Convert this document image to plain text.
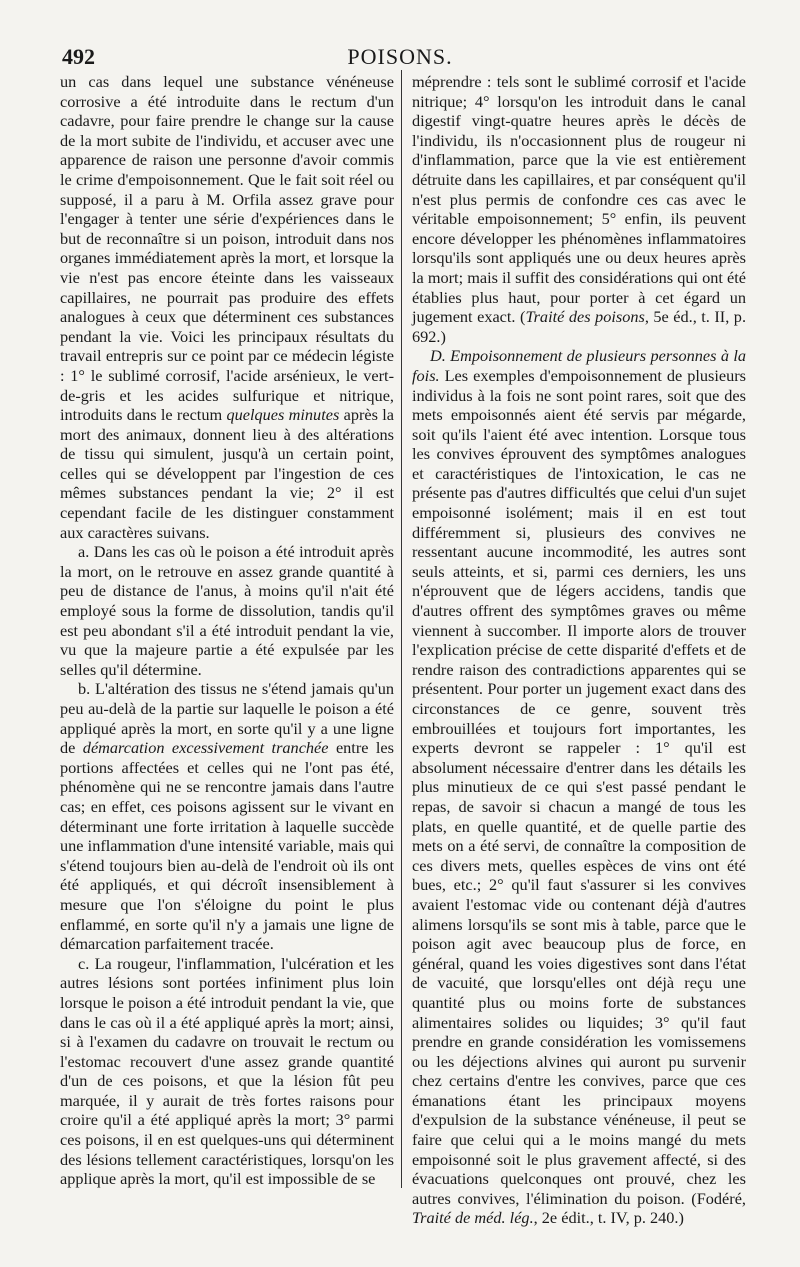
492	POISONS.

un cas dans lequel une substance vénéneuse corrosive a été introduite dans le rectum d'un cadavre, pour faire prendre le change sur la cause de la mort subite de l'individu, et accuser avec une apparence de raison une personne d'avoir commis le crime d'empoisonnement. Que le fait soit réel ou supposé, il a paru à M. Orfila assez grave pour l'engager à tenter une série d'expériences dans le but de reconnaître si un poison, introduit dans nos organes immédiatement après la mort, et lorsque la vie n'est pas encore éteinte dans les vaisseaux capillaires, ne pourrait pas produire des effets analogues à ceux que déterminent ces substances pendant la vie. Voici les principaux résultats du travail entrepris sur ce point par ce médecin légiste : 1° le sublimé corrosif, l'acide arsénieux, le vert-de-gris et les acides sulfurique et nitrique, introduits dans le rectum quelques minutes après la mort des animaux, donnent lieu à des altérations de tissu qui simulent, jusqu'à un certain point, celles qui se développent par l'ingestion de ces mêmes substances pendant la vie; 2° il est cependant facile de les distinguer constamment aux caractères suivans.

a. Dans les cas où le poison a été introduit après la mort, on le retrouve en assez grande quantité à peu de distance de l'anus, à moins qu'il n'ait été employé sous la forme de dissolution, tandis qu'il est peu abondant s'il a été introduit pendant la vie, vu que la majeure partie a été expulsée par les selles qu'il détermine.

b. L'altération des tissus ne s'étend jamais qu'un peu au-delà de la partie sur laquelle le poison a été appliqué après la mort, en sorte qu'il y a une ligne de démarcation excessivement tranchée entre les portions affectées et celles qui ne l'ont pas été, phénomène qui ne se rencontre jamais dans l'autre cas; en effet, ces poisons agissent sur le vivant en déterminant une forte irritation à laquelle succède une inflammation d'une intensité variable, mais qui s'étend toujours bien au-delà de l'endroit où ils ont été appliqués, et qui décroît insensiblement à mesure que l'on s'éloigne du point le plus enflammé, en sorte qu'il n'y a jamais une ligne de démarcation parfaitement tracée.

c. La rougeur, l'inflammation, l'ulcération et les autres lésions sont portées infiniment plus loin lorsque le poison a été introduit pendant la vie, que dans le cas où il a été appliqué après la mort; ainsi, si à l'examen du cadavre on trouvait le rectum ou l'estomac recouvert d'une assez grande quantité d'un de ces poisons, et que la lésion fût peu marquée, il y aurait de très fortes raisons pour croire qu'il a été appliqué après la mort; 3° parmi ces poisons, il en est quelques-uns qui déterminent des lésions tellement caractéristiques, lorsqu'on les applique après la mort, qu'il est impossible de se

méprendre : tels sont le sublimé corrosif et l'acide nitrique; 4° lorsqu'on les introduit dans le canal digestif vingt-quatre heures après le décès de l'individu, ils n'occasionnent plus de rougeur ni d'inflammation, parce que la vie est entièrement détruite dans les capillaires, et par conséquent qu'il n'est plus permis de confondre ces cas avec le véritable empoisonnement; 5° enfin, ils peuvent encore développer les phénomènes inflammatoires lorsqu'ils sont appliqués une ou deux heures après la mort; mais il suffit des considérations qui ont été établies plus haut, pour porter à cet égard un jugement exact. (Traité des poisons, 5e éd., t. II, p. 692.)

D. Empoisonnement de plusieurs personnes à la fois. Les exemples d'empoisonnement de plusieurs individus à la fois ne sont point rares, soit que des mets empoisonnés aient été servis par mégarde, soit qu'ils l'aient été avec intention. Lorsque tous les convives éprouvent des symptômes analogues et caractéristiques de l'intoxication, le cas ne présente pas d'autres difficultés que celui d'un sujet empoisonné isolément; mais il en est tout différemment si, plusieurs des convives ne ressentant aucune incommodité, les autres sont seuls atteints, et si, parmi ces derniers, les uns n'éprouvent que de légers accidens, tandis que d'autres offrent des symptômes graves ou même viennent à succomber. Il importe alors de trouver l'explication précise de cette disparité d'effets et de rendre raison des contradictions apparentes qui se présentent. Pour porter un jugement exact dans des circonstances de ce genre, souvent très embrouillées et toujours fort importantes, les experts devront se rappeler : 1° qu'il est absolument nécessaire d'entrer dans les détails les plus minutieux de ce qui s'est passé pendant le repas, de savoir si chacun a mangé de tous les plats, en quelle quantité, et de quelle partie des mets on a été servi, de connaître la composition de ces divers mets, quelles espèces de vins ont été bues, etc.; 2° qu'il faut s'assurer si les convives avaient l'estomac vide ou contenant déjà d'autres alimens lorsqu'ils se sont mis à table, parce que le poison agit avec beaucoup plus de force, en général, quand les voies digestives sont dans l'état de vacuité, que lorsqu'elles ont déjà reçu une quantité plus ou moins forte de substances alimentaires solides ou liquides; 3° qu'il faut prendre en grande considération les vomissemens ou les déjections alvines qui auront pu survenir chez certains d'entre les convives, parce que ces émanations étant les principaux moyens d'expulsion de la substance vénéneuse, il peut se faire que celui qui a le moins mangé du mets empoisonné soit le plus gravement affecté, si des évacuations quelconques ont prouvé, chez les autres convives, l'élimination du poison. (Fodéré, Traité de méd. lég., 2e édit., t. IV, p. 240.)
